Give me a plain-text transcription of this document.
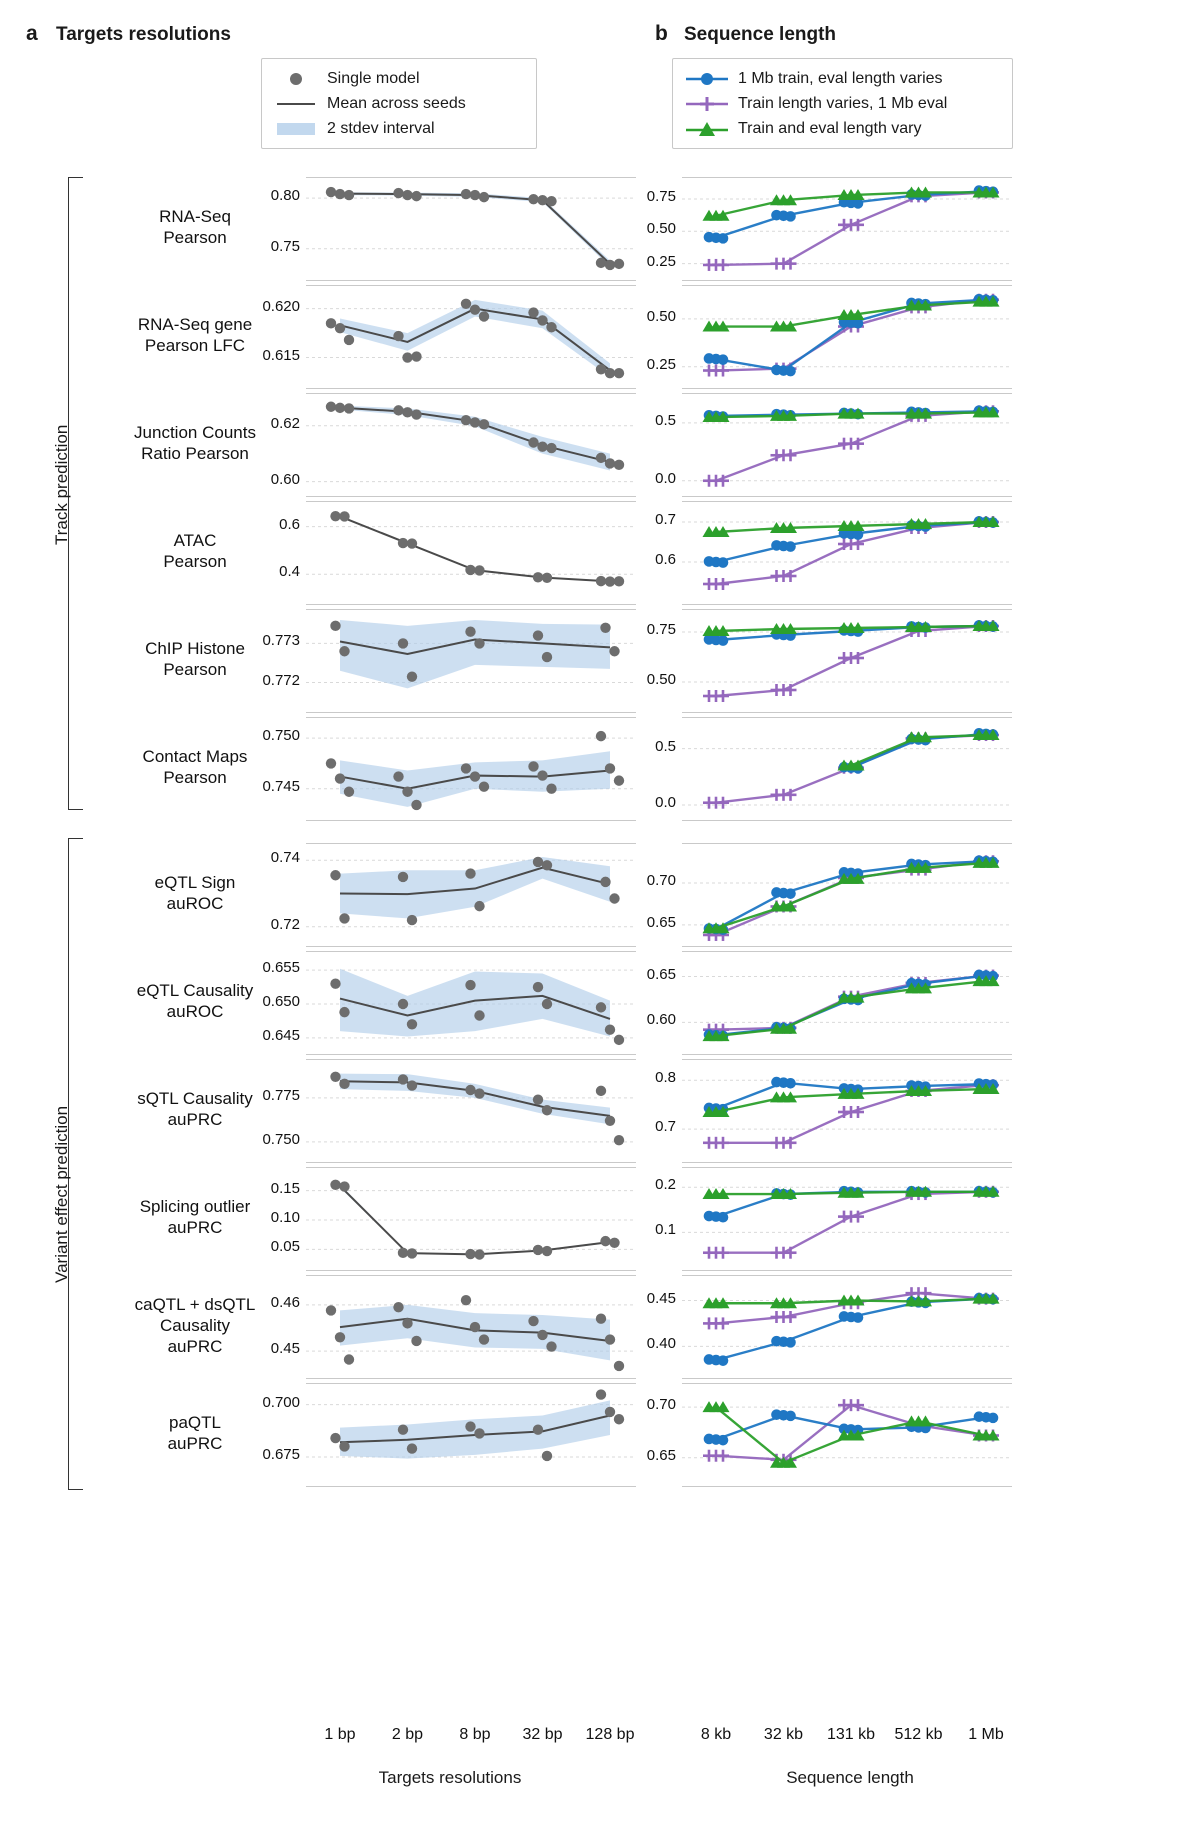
a Targets resolutions	b Sequence length
Single model
Mean across seeds
2 stdev interval
1 Mb train, eval length varies
Train length varies, 1 Mb eval
Train and eval length vary
Track prediction
Variant effect prediction
Targets resolutions	Sequence length
RNA-Seq
Pearson
0.80
0.75
0.75
0.50
0.25
RNA-Seq gene
Pearson LFC
0.620
0.615
0.50
0.25
Junction Counts
Ratio Pearson
0.62
0.60
0.5
0.0
ATAC
Pearson
0.6
0.4
0.7
0.6
ChIP Histone
Pearson
0.773
0.772
0.75
0.50
Contact Maps
Pearson
0.750
0.745
0.5
0.0
eQTL Sign
auROC
0.74
0.72
0.70
0.65
eQTL Causality
auROC
0.655
0.650
0.645
0.65
0.60
sQTL Causality
auPRC
0.775
0.750
0.8
0.7
Splicing outlier
auPRC
0.15
0.10
0.05
0.2
0.1
caQTL + dsQTL
Causality
auPRC
0.46
0.45
0.45
0.40
paQTL
auPRC
0.700
0.675
0.70
0.65
1 bp	2 bp	8 bp	32 bp	128 bp	8 kb	32 kb	131 kb	512 kb	1 Mb
